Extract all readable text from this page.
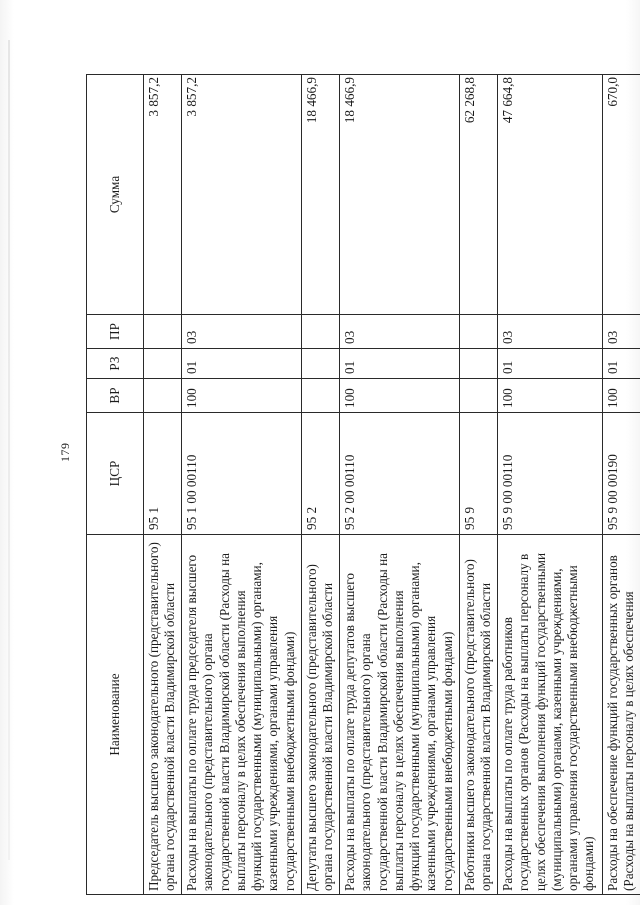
179
Наименование	ЦСР	ВР	РЗ	ПР	Сумма
Председатель высшего законодательного (представительного) органа государственной власти Владимирской области	95 1				3 857,2
Расходы на выплаты по оплате труда председателя высшего законодательного (представительного) органа государственной власти Владимирской области (Расходы на выплаты персоналу в целях обеспечения выполнения функций государственными (муниципальными) органами, казенными учреждениями, органами управления государственными внебюджетными фондами)	95 1 00 00110	100	01	03	3 857,2
Депутаты высшего законодательного (представительного) органа государственной власти Владимирской области	95 2				18 466,9
Расходы на выплаты по оплате труда депутатов высшего законодательного (представительного) органа государственной власти Владимирской области (Расходы на выплаты персоналу в целях обеспечения выполнения функций государственными (муниципальными) органами, казенными учреждениями, органами управления государственными внебюджетными фондами)	95 2 00 00110	100	01	03	18 466,9
Работники высшего законодательного (представительного) органа государственной власти Владимирской области	95 9				62 268,8
Расходы на выплаты по оплате труда работников государственных органов (Расходы на выплаты персоналу в целях обеспечения выполнения функций государственными (муниципальными) органами, казенными учреждениями, органами управления государственными внебюджетными фондами)	95 9 00 00110	100	01	03	47 664,8
Расходы на обеспечение функций государственных органов (Расходы на выплаты персоналу в целях обеспечения	95 9 00 00190	100	01	03	670,0
